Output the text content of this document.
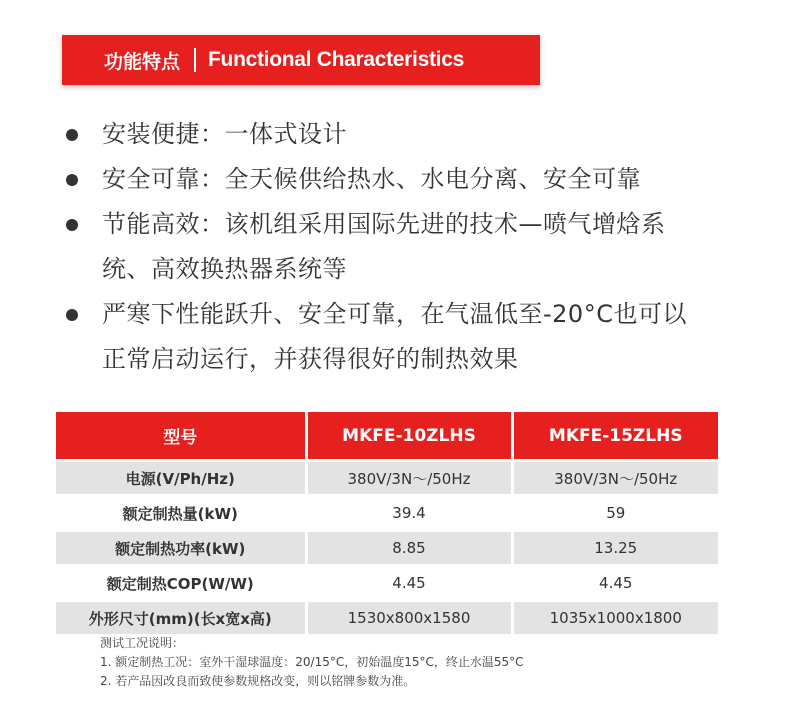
功能特点 Functional Characteristics
安装便捷：一体式设计
安全可靠：全天候供给热水、水电分离、安全可靠
节能高效：该机组采用国际先进的技术—喷气增焓系
统、高效换热器系统等
严寒下性能跃升、安全可靠，在气温低至-20°C也可以
正常启动运行，并获得很好的制热效果
型号	MKFE-10ZLHS	MKFE-15ZLHS
电源(V/Ph/Hz)	380V/3N～/50Hz	380V/3N～/50Hz
额定制热量(kW)	39.4	59
额定制热功率(kW)	8.85	13.25
额定制热COP(W/W)	4.45	4.45
外形尺寸(mm)(长x宽x高)	1530x800x1580	1035x1000x1800
测试工况说明：
1. 额定制热工况：室外干湿球温度：20/15°C，初始温度15°C，终止水温55°C
2. 若产品因改良而致使参数规格改变，则以铭牌参数为准。
